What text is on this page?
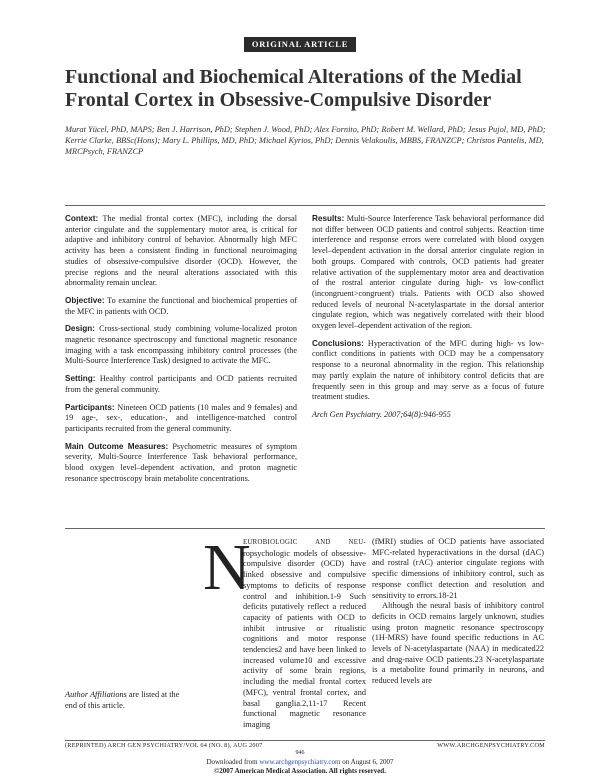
ORIGINAL ARTICLE
Functional and Biochemical Alterations of the Medial Frontal Cortex in Obsessive-Compulsive Disorder
Murat Yücel, PhD, MAPS; Ben J. Harrison, PhD; Stephen J. Wood, PhD; Alex Fornito, PhD; Robert M. Wellard, PhD; Jesus Pujol, MD, PhD; Kerrie Clarke, BBSc(Hons); Mary L. Phillips, MD, PhD; Michael Kyrios, PhD; Dennis Velakoulis, MBBS, FRANZCP; Christos Pantelis, MD, MRCPsych, FRANZCP

Context: The medial frontal cortex (MFC), including the dorsal anterior cingulate and the supplementary motor area, is critical for adaptive and inhibitory control of behavior. Abnormally high MFC activity has been a consistent finding in functional neuroimaging studies of obsessive-compulsive disorder (OCD). However, the precise regions and the neural alterations associated with this abnormality remain unclear.

Objective: To examine the functional and biochemical properties of the MFC in patients with OCD.

Design: Cross-sectional study combining volume-localized proton magnetic resonance spectroscopy and functional magnetic resonance imaging with a task encompassing inhibitory control processes (the Multi-Source Interference Task) designed to activate the MFC.

Setting: Healthy control participants and OCD patients recruited from the general community.

Participants: Nineteen OCD patients (10 males and 9 females) and 19 age-, sex-, education-, and intelligence-matched control participants recruited from the general community.

Main Outcome Measures: Psychometric measures of symptom severity, Multi-Source Interference Task behavioral performance, blood oxygen level–dependent activation, and proton magnetic resonance spectroscopy brain metabolite concentrations.

Results: Multi-Source Interference Task behavioral performance did not differ between OCD patients and control subjects. Reaction time interference and response errors were correlated with blood oxygen level–dependent activation in the dorsal anterior cingulate region in both groups. Compared with controls, OCD patients had greater relative activation of the supplementary motor area and deactivation of the rostral anterior cingulate during high- vs low-conflict (incongruent>congruent) trials. Patients with OCD also showed reduced levels of neuronal N-acetylaspartate in the dorsal anterior cingulate region, which was negatively correlated with their blood oxygen level–dependent activation of the region.

Conclusions: Hyperactivation of the MFC during high- vs low-conflict conditions in patients with OCD may be a compensatory response to a neuronal abnormality in the region. This relationship may partly explain the nature of inhibitory control deficits that are frequently seen in this group and may serve as a focus of future treatment studies.

Arch Gen Psychiatry. 2007;64(8):946-955

N

EUROBIOLOGIC AND NEU- ropsychologic models of obsessive-compulsive disorder (OCD) have linked obsessive and compulsive symptoms to deficits of response control and inhibition.1-9 Such deficits putatively reflect a reduced capacity of patients with OCD to inhibit intrusive or ritualistic cognitions and motor response tendencies2 and have been linked to increased volume10 and excessive activity of some brain regions, including the medial frontal cortex (MFC), ventral frontal cortex, and basal ganglia.2,11-17 Recent functional magnetic resonance imaging

(fMRI) studies of OCD patients have associated MFC-related hyperactivations in the dorsal (dAC) and rostral (rAC) anterior cingulate regions with specific dimensions of inhibitory control, such as response conflict detection and resolution and sensitivity to errors.18-21

Although the neural basis of inhibitory control deficits in OCD remains largely unknown, studies using proton magnetic resonance spectroscopy (1H-MRS) have found specific reductions in AC levels of N-acetylaspartate (NAA) in medicated22 and drug-naive OCD patients.23 N-acetylaspartate is a metabolite found primarily in neurons, and reduced levels are

Author Affiliations are listed at the end of this article.
(REPRINTED) ARCH GEN PSYCHIATRY/VOL 64 (NO. 8), AUG 2007	WWW.ARCHGENPSYCHIATRY.COM
946
Downloaded from www.archgenpsychiatry.com on August 6, 2007
©2007 American Medical Association. All rights reserved.
